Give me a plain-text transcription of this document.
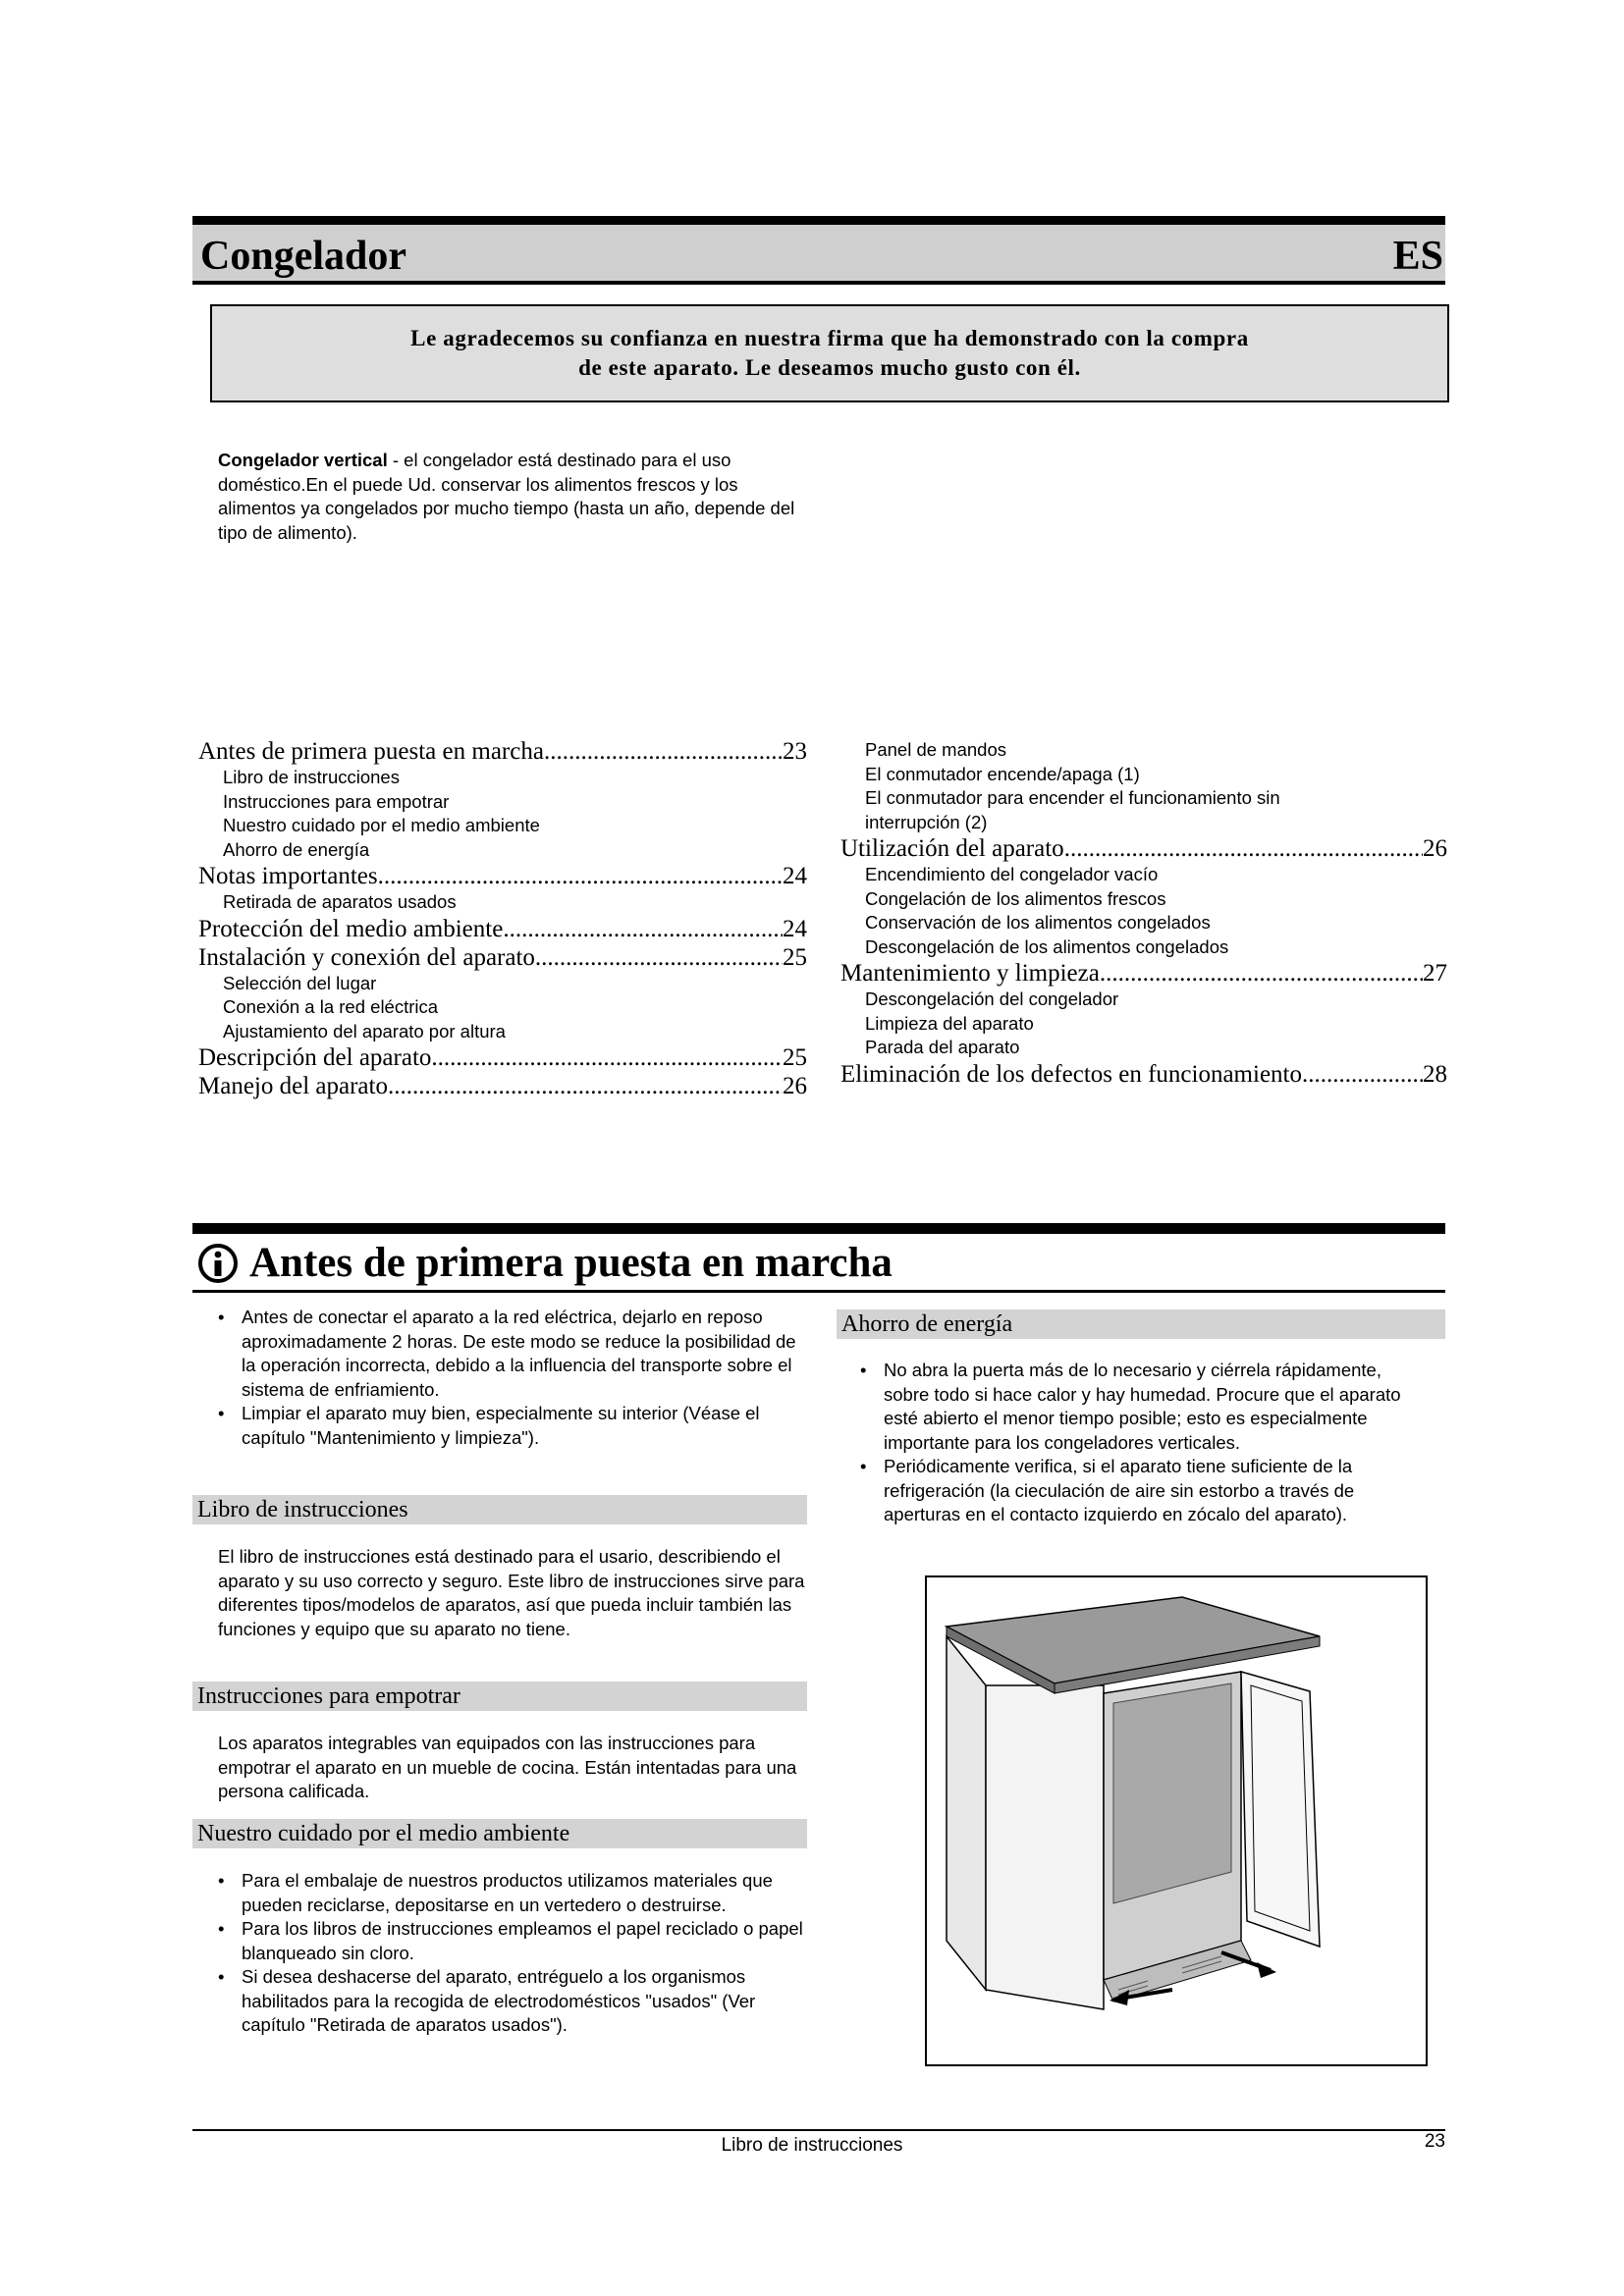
Congelador	ES
Le agradecemos su confianza en nuestra firma que ha demonstrado con la compra
de este aparato. Le deseamos mucho gusto con él.
Congelador vertical - el congelador está destinado para el uso doméstico.En el puede Ud. conservar los alimentos frescos y los alimentos ya congelados por mucho tiempo (hasta un año, depende del tipo de alimento).
Antes de primera puesta en marcha .....	23
Libro de instrucciones
Instrucciones para empotrar
Nuestro cuidado por el medio ambiente
Ahorro de energía
Notas importantes .....	24
Retirada de aparatos usados
Protección del medio ambiente .....	24
Instalación y conexión del aparato .....	25
Selección del lugar
Conexión a la red eléctrica
Ajustamiento del aparato por altura
Descripción del aparato .....	25
Manejo del aparato .....	26
Panel de mandos
El conmutador encende/apaga (1)
El conmutador para encender el funcionamiento sin
interrupción (2)
Utilización del aparato .....	26
Encendimiento del congelador vacío
Congelación de los alimentos frescos
Conservación de los alimentos congelados
Descongelación de los alimentos congelados
Mantenimiento y limpieza .....	27
Descongelación del congelador
Limpieza del aparato
Parada del aparato
Eliminación de los defectos en funcionamiento .....	28
Antes de primera puesta en marcha
• Antes de conectar el aparato a la red eléctrica, dejarlo en reposo aproximadamente 2 horas. De este modo se reduce la posibilidad de la operación incorrecta, debido a la influencia del transporte sobre el sistema de enfriamiento.
• Limpiar el aparato muy bien, especialmente su interior (Véase el capítulo "Mantenimiento y limpieza").
Libro de instrucciones
El libro de instrucciones está destinado para el usario, describiendo el aparato y su uso correcto y seguro. Este libro de instrucciones sirve para diferentes tipos/modelos de aparatos, así que pueda incluir también las funciones y equipo que su aparato no tiene.
Instrucciones para empotrar
Los aparatos integrables van equipados con las instrucciones para empotrar el aparato en un mueble de cocina. Están intentadas para una persona calificada.
Nuestro cuidado por el medio ambiente
• Para el embalaje de nuestros productos utilizamos materiales que pueden reciclarse, depositarse en un vertedero o destruirse.
• Para los libros de instrucciones empleamos el papel reciclado o papel blanqueado sin cloro.
• Si desea deshacerse del aparato, entréguelo a los organismos habilitados para la recogida de electrodomésticos "usados" (Ver capítulo "Retirada de aparatos usados").
Ahorro de energía
• No abra la puerta más de lo necesario y ciérrela rápidamente, sobre todo si hace calor y hay humedad. Procure que el aparato esté abierto el menor tiempo posible; esto es especialmente importante para los congeladores verticales.
• Periódicamente verifica, si el aparato tiene suficiente de la refrigeración (la cieculación de aire sin estorbo a través de aperturas en el contacto izquierdo en zócalo del aparato).
Libro de instrucciones	23
